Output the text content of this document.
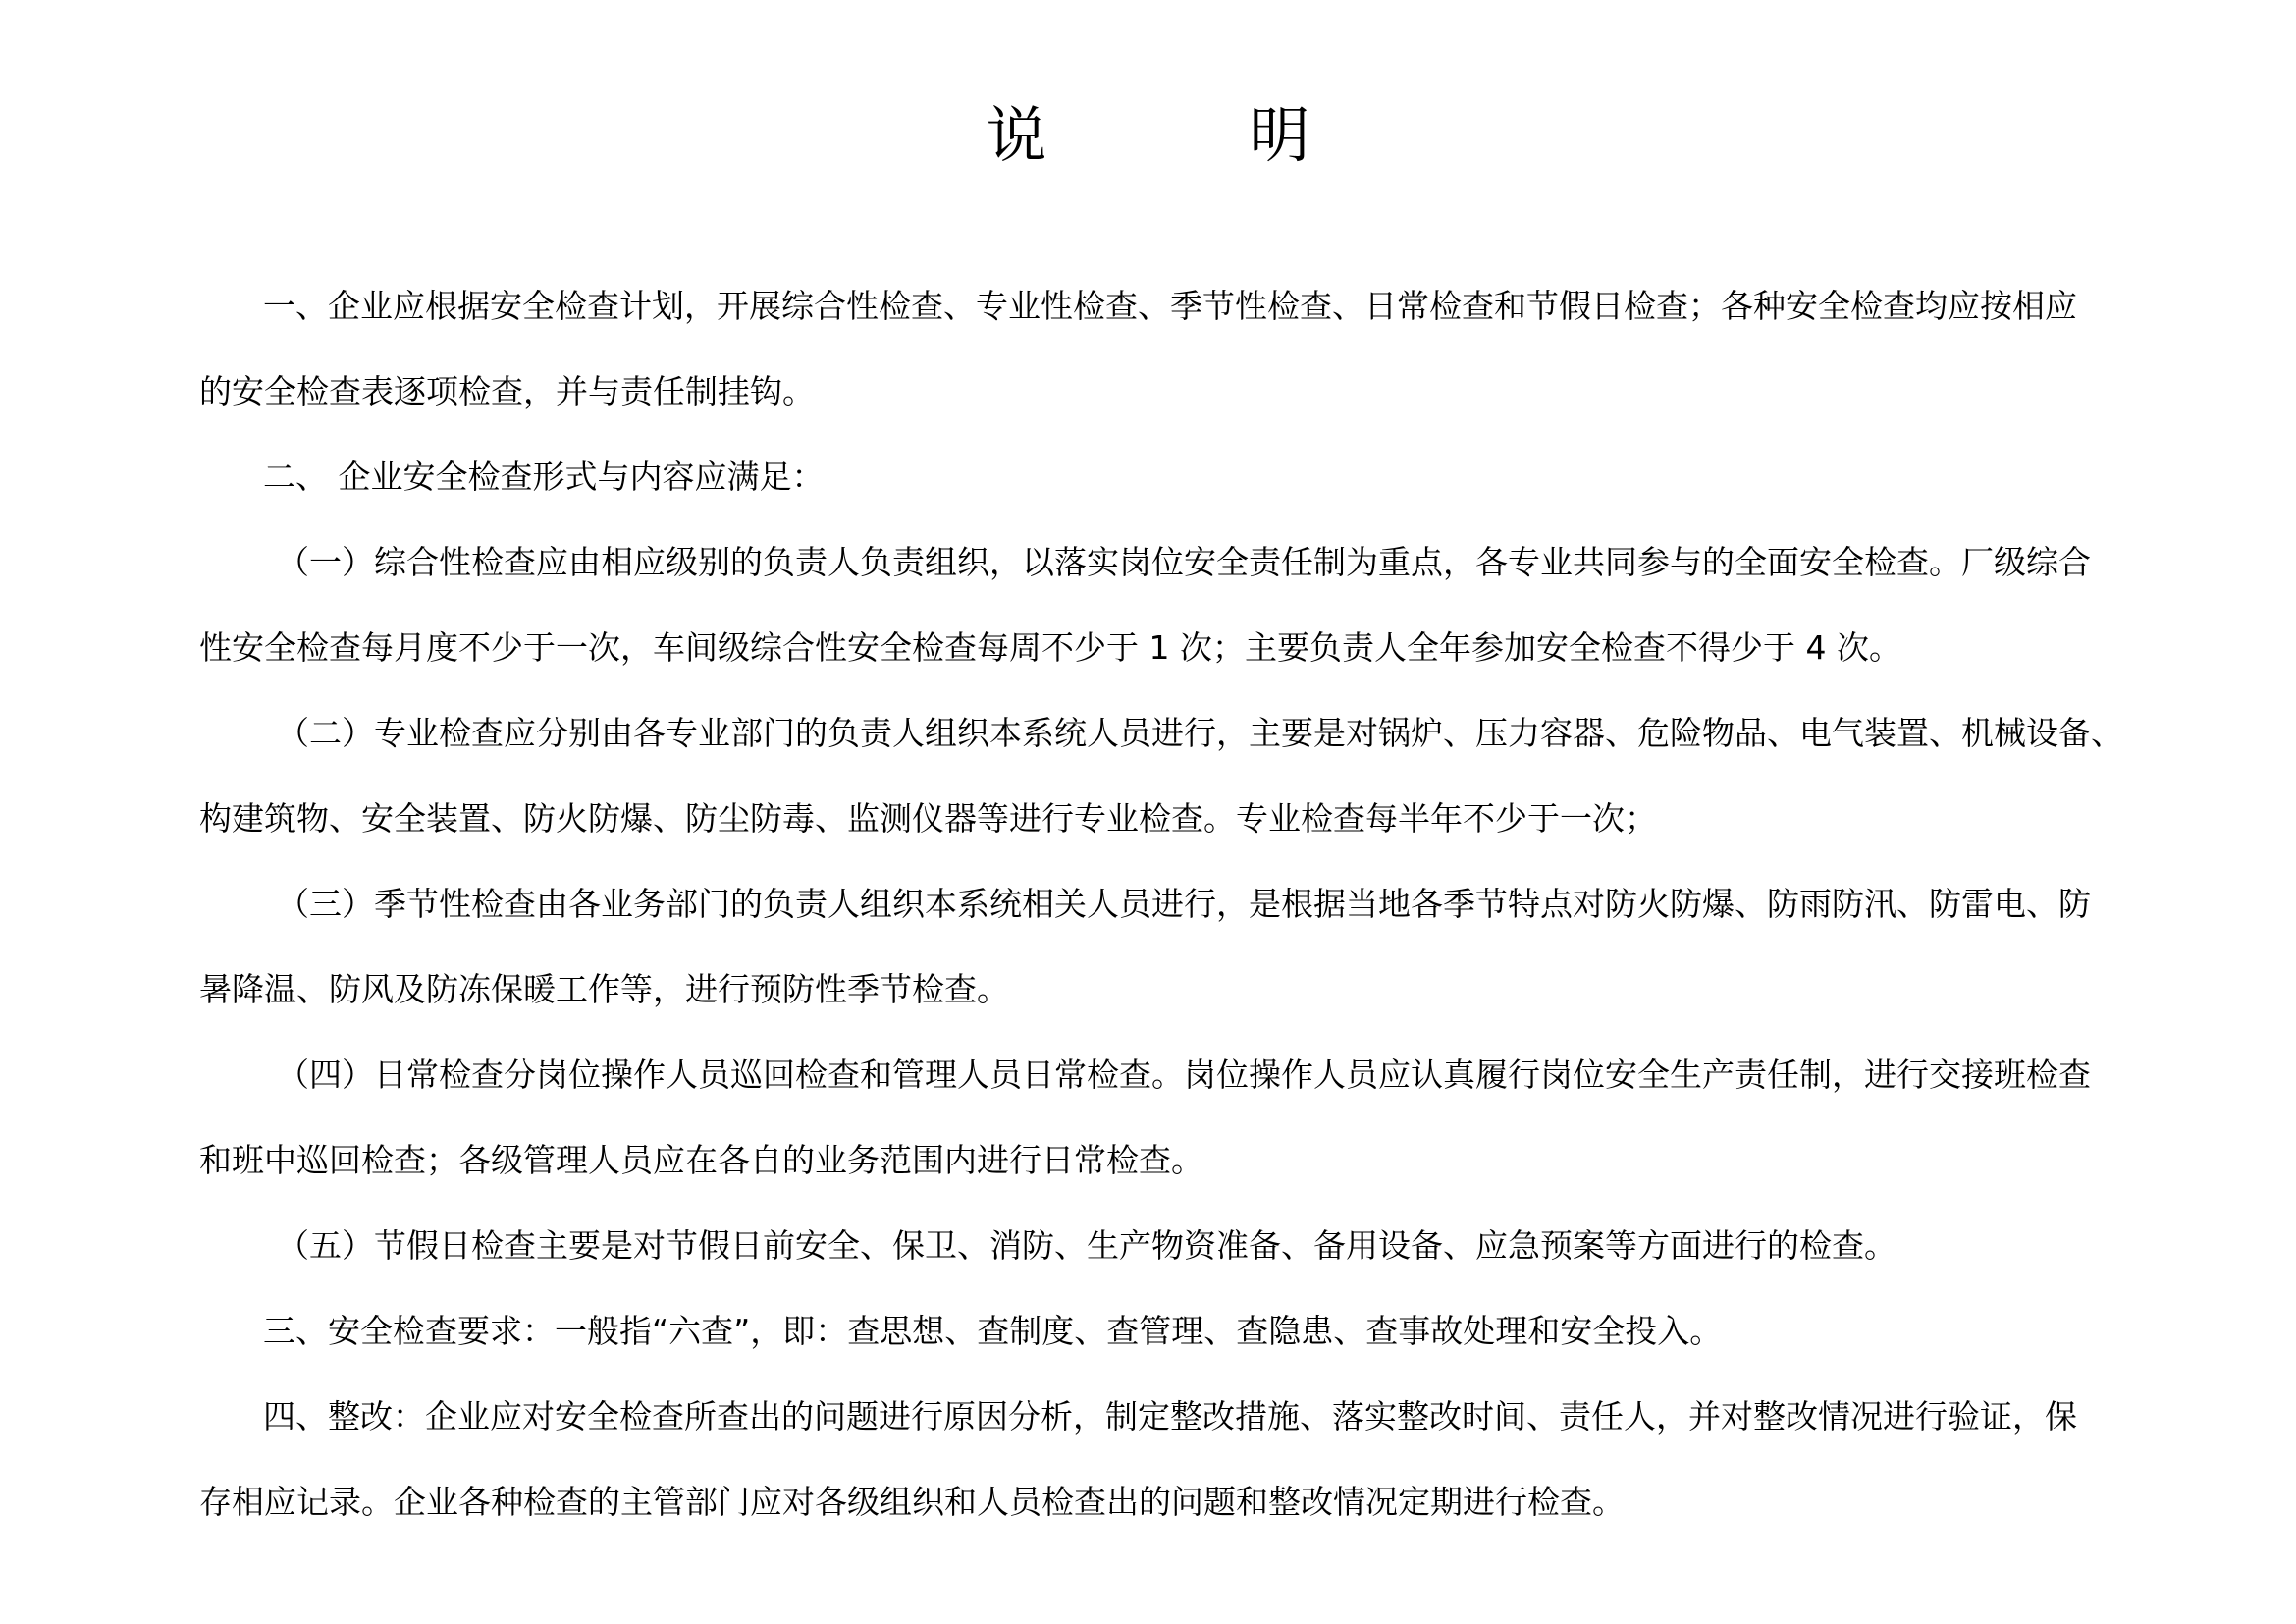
说　明

一、企业应根据安全检查计划，开展综合性检查、专业性检查、季节性检查、日常检查和节假日检查；各种安全检查均应按相应

的安全检查表逐项检查，并与责任制挂钩。

二、 企业安全检查形式与内容应满足：

（一）综合性检查应由相应级别的负责人负责组织，以落实岗位安全责任制为重点，各专业共同参与的全面安全检查。厂级综合

性安全检查每月度不少于一次，车间级综合性安全检查每周不少于 1 次；主要负责人全年参加安全检查不得少于 4 次。

（二）专业检查应分别由各专业部门的负责人组织本系统人员进行，主要是对锅炉、压力容器、危险物品、电气装置、机械设备、

构建筑物、安全装置、防火防爆、防尘防毒、监测仪器等进行专业检查。专业检查每半年不少于一次；

（三）季节性检查由各业务部门的负责人组织本系统相关人员进行，是根据当地各季节特点对防火防爆、防雨防汛、防雷电、防

暑降温、防风及防冻保暖工作等，进行预防性季节检查。

（四）日常检查分岗位操作人员巡回检查和管理人员日常检查。岗位操作人员应认真履行岗位安全生产责任制，进行交接班检查

和班中巡回检查；各级管理人员应在各自的业务范围内进行日常检查。

（五）节假日检查主要是对节假日前安全、保卫、消防、生产物资准备、备用设备、应急预案等方面进行的检查。

三、安全检查要求：一般指“六查”，即：查思想、查制度、查管理、查隐患、查事故处理和安全投入。

四、整改：企业应对安全检查所查出的问题进行原因分析，制定整改措施、落实整改时间、责任人，并对整改情况进行验证，保

存相应记录。企业各种检查的主管部门应对各级组织和人员检查出的问题和整改情况定期进行检查。
